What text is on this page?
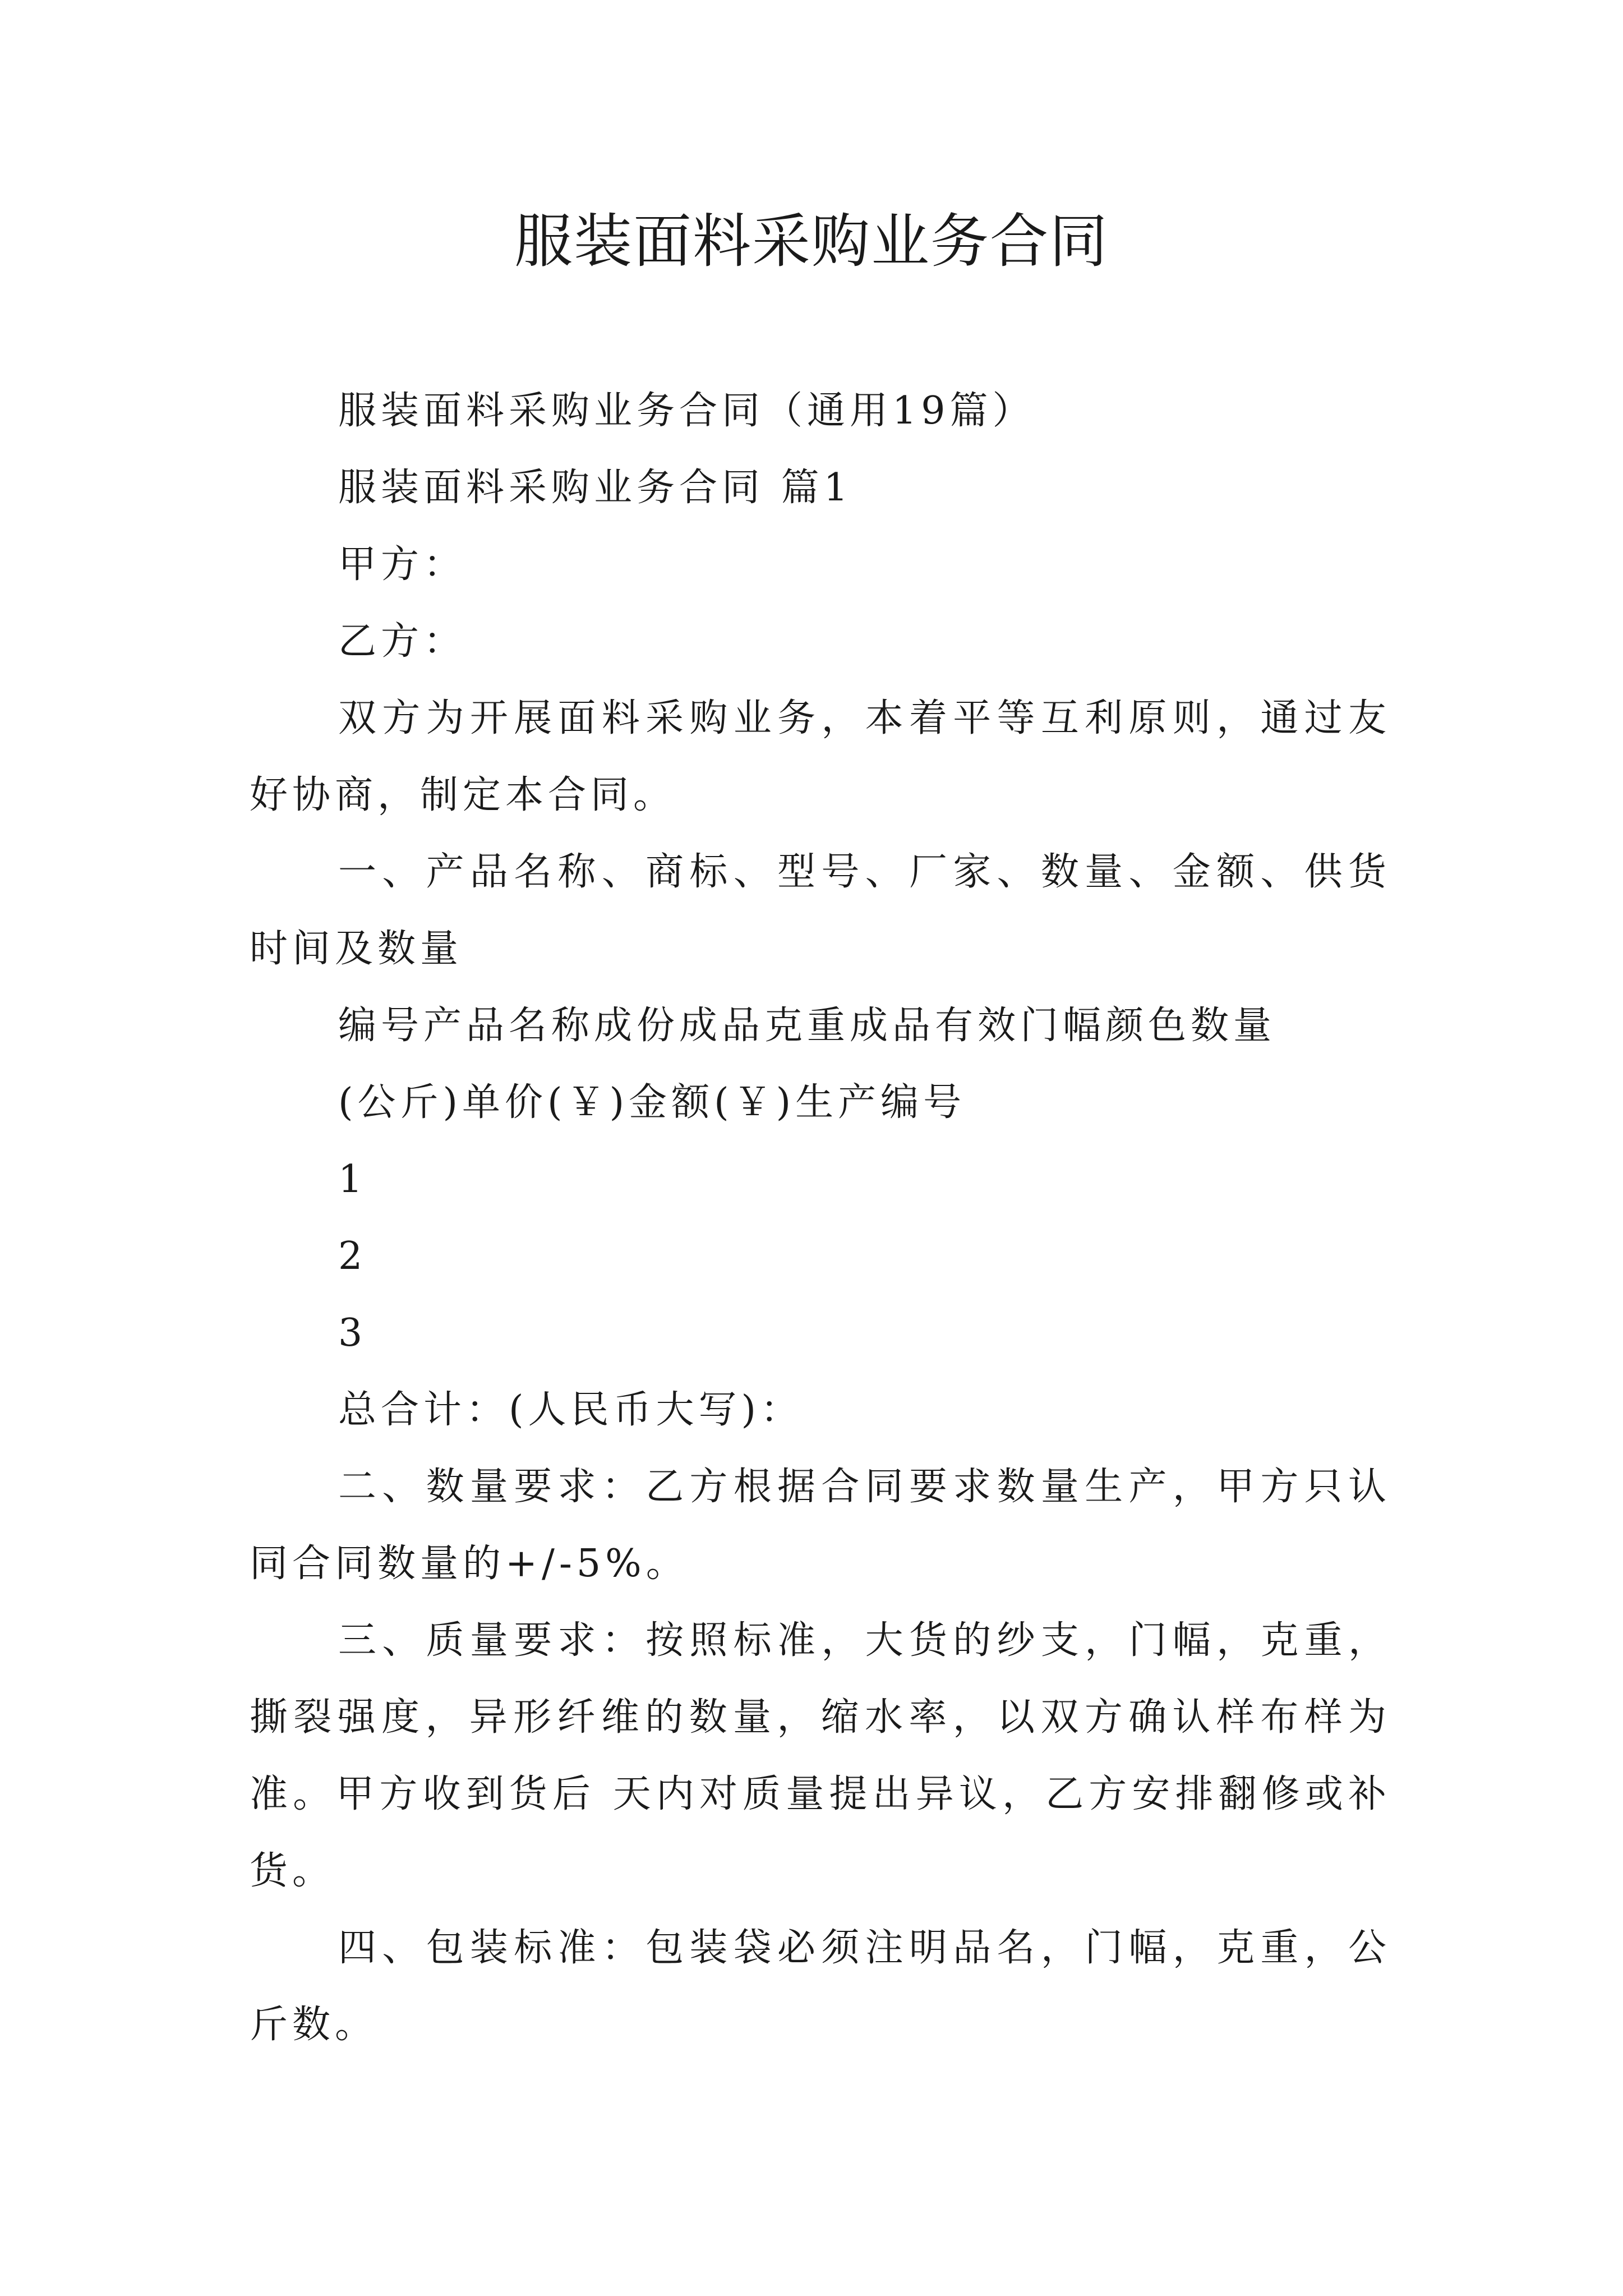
服装面料采购业务合同

服装面料采购业务合同（通用19篇）

服装面料采购业务合同 篇1

甲方：

乙方：

双方为开展面料采购业务，本着平等互利原则，通过友好协商，制定本合同。

一、产品名称、商标、型号、厂家、数量、金额、供货时间及数量

编号产品名称成份成品克重成品有效门幅颜色数量

(公斤)单价(￥)金额(￥)生产编号

1

2

3

总合计：(人民币大写)：

二、数量要求：乙方根据合同要求数量生产，甲方只认同合同数量的+/-5%。

三、质量要求：按照标准，大货的纱支，门幅，克重，撕裂强度，异形纤维的数量，缩水率，以双方确认样布样为准。甲方收到货后 天内对质量提出异议，乙方安排翻修或补货。

四、包装标准：包装袋必须注明品名，门幅，克重，公斤数。
